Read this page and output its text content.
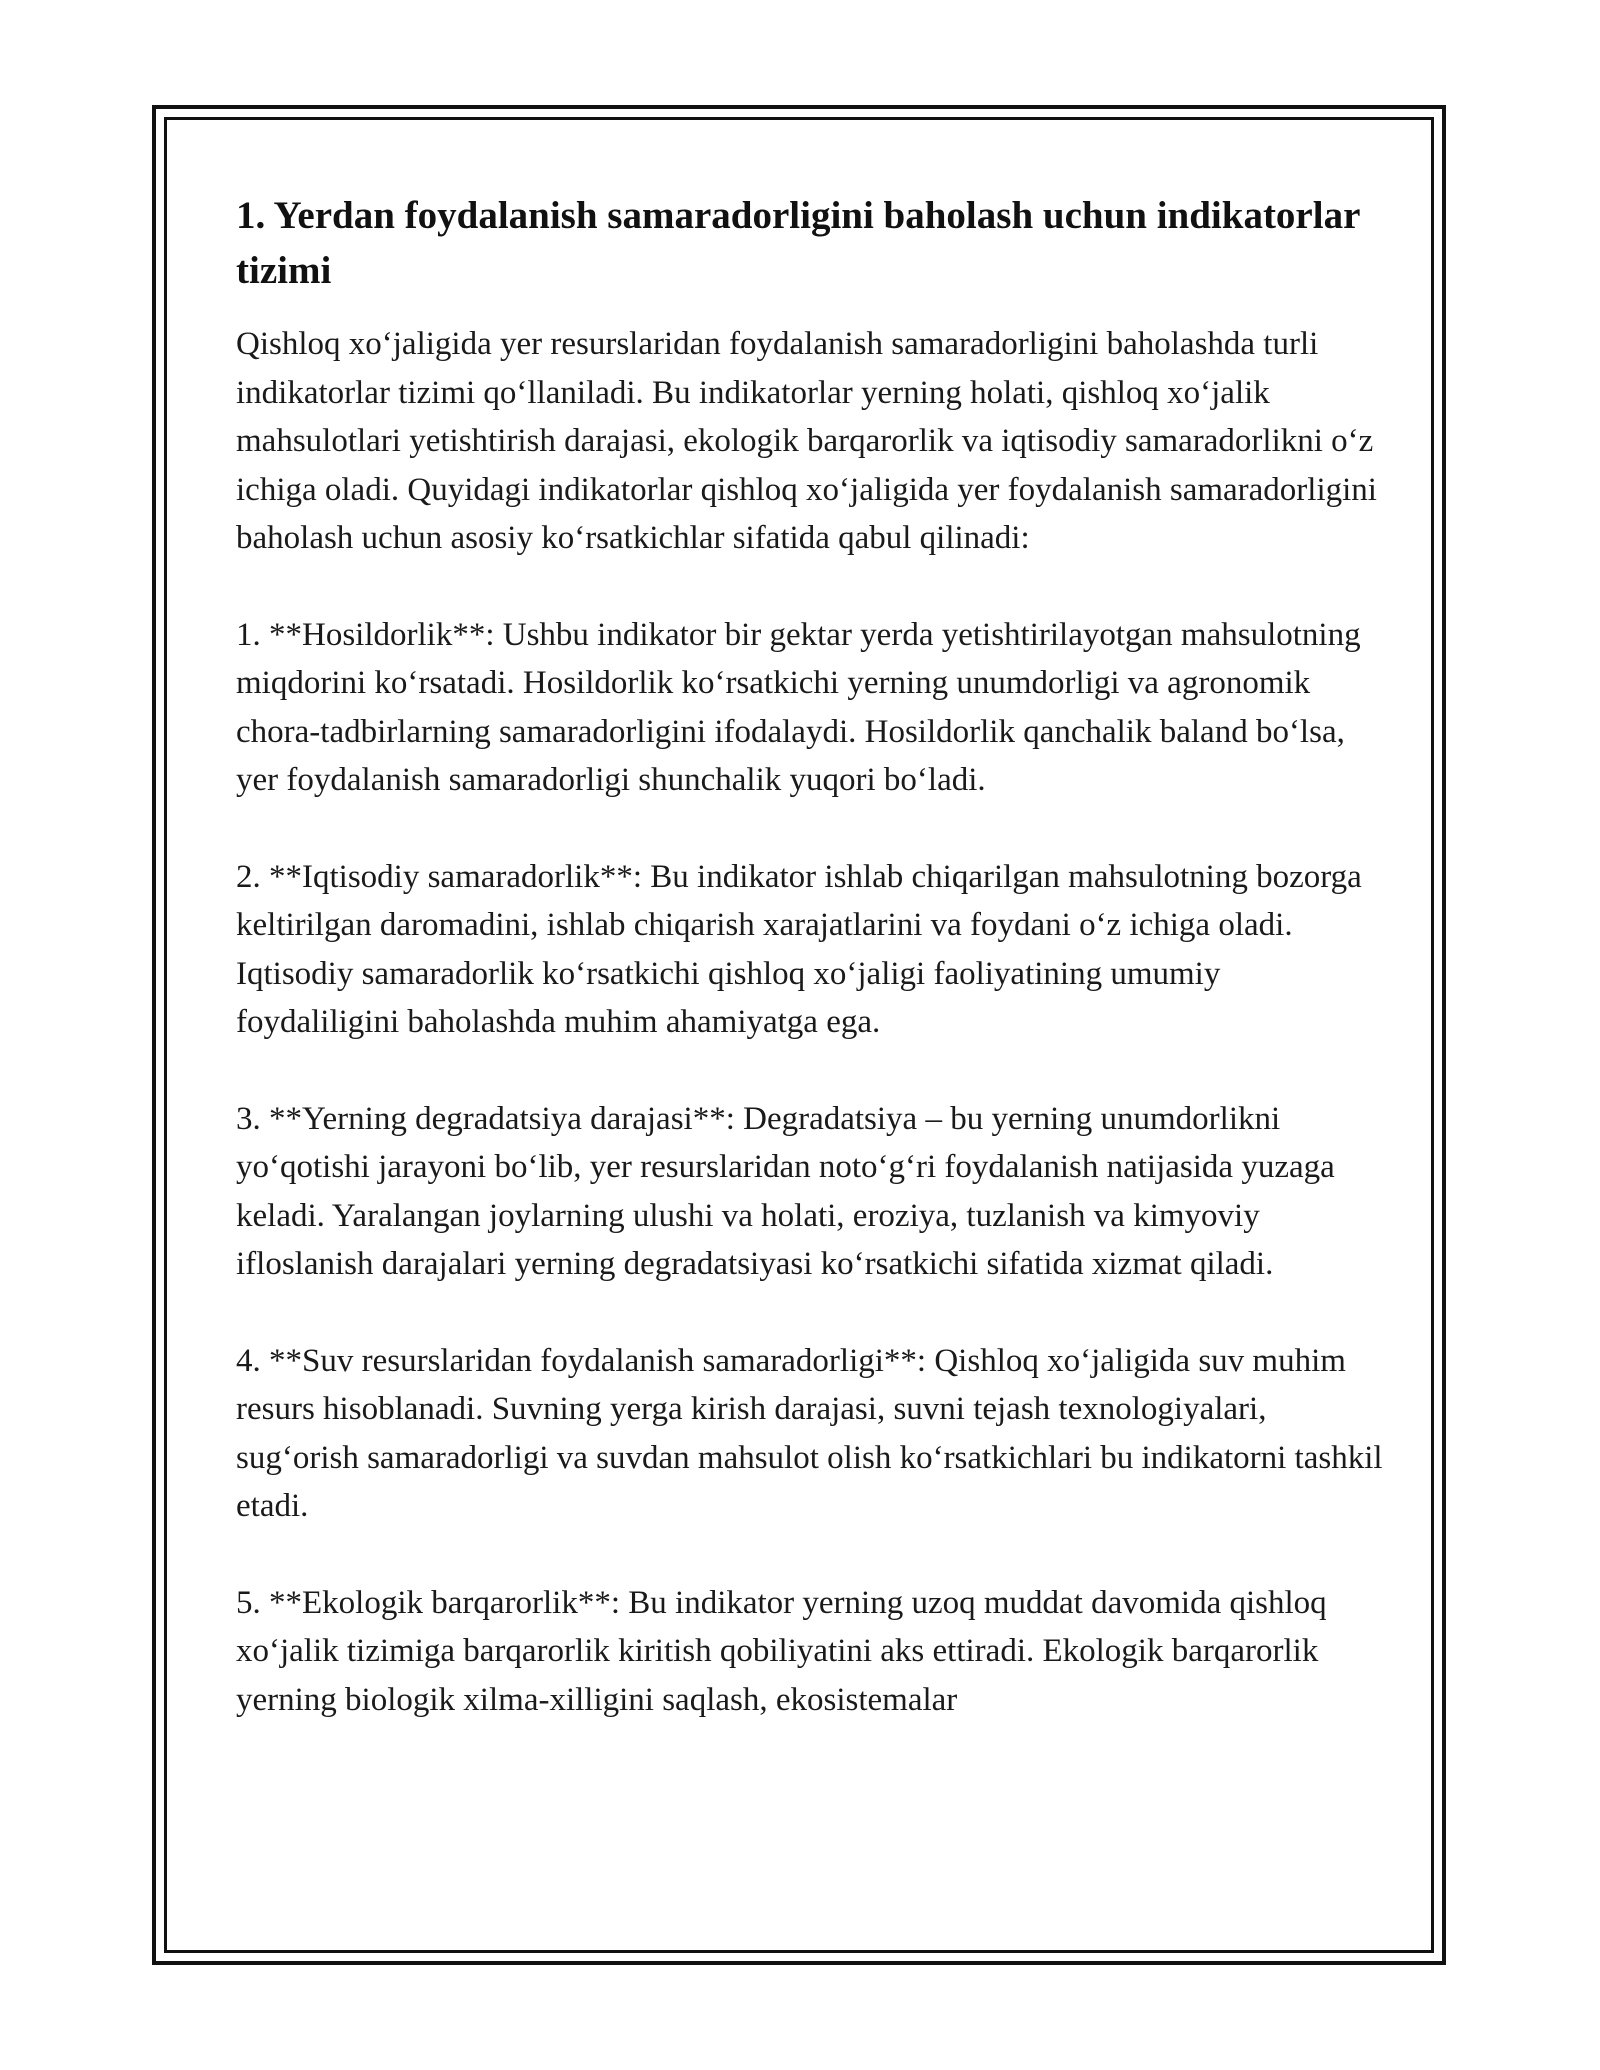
1. Yerdan foydalanish samaradorligini baholash uchun indikatorlar tizimi

Qishloq xo‘jaligida yer resurslaridan foydalanish samaradorligini baholashda turli indikatorlar tizimi qo‘llaniladi. Bu indikatorlar yerning holati, qishloq xo‘jalik mahsulotlari yetishtirish darajasi, ekologik barqarorlik va iqtisodiy samaradorlikni o‘z ichiga oladi. Quyidagi indikatorlar qishloq xo‘jaligida yer foydalanish samaradorligini baholash uchun asosiy ko‘rsatkichlar sifatida qabul qilinadi:

1. **Hosildorlik**: Ushbu indikator bir gektar yerda yetishtirilayotgan mahsulotning miqdorini ko‘rsatadi. Hosildorlik ko‘rsatkichi yerning unumdorligi va agronomik chora-tadbirlarning samaradorligini ifodalaydi. Hosildorlik qanchalik baland bo‘lsa, yer foydalanish samaradorligi shunchalik yuqori bo‘ladi.

2. **Iqtisodiy samaradorlik**: Bu indikator ishlab chiqarilgan mahsulotning bozorga keltirilgan daromadini, ishlab chiqarish xarajatlarini va foydani o‘z ichiga oladi. Iqtisodiy samaradorlik ko‘rsatkichi qishloq xo‘jaligi faoliyatining umumiy foydaliligini baholashda muhim ahamiyatga ega.

3. **Yerning degradatsiya darajasi**: Degradatsiya – bu yerning unumdorlikni yo‘qotishi jarayoni bo‘lib, yer resurslaridan noto‘g‘ri foydalanish natijasida yuzaga keladi. Yaralangan joylarning ulushi va holati, eroziya, tuzlanish va kimyoviy ifloslanish darajalari yerning degradatsiyasi ko‘rsatkichi sifatida xizmat qiladi.

4. **Suv resurslaridan foydalanish samaradorligi**: Qishloq xo‘jaligida suv muhim resurs hisoblanadi. Suvning yerga kirish darajasi, suvni tejash texnologiyalari, sug‘orish samaradorligi va suvdan mahsulot olish ko‘rsatkichlari bu indikatorni tashkil etadi.

5. **Ekologik barqarorlik**: Bu indikator yerning uzoq muddat davomida qishloq xo‘jalik tizimiga barqarorlik kiritish qobiliyatini aks ettiradi. Ekologik barqarorlik yerning biologik xilma-xilligini saqlash, ekosistemalar
